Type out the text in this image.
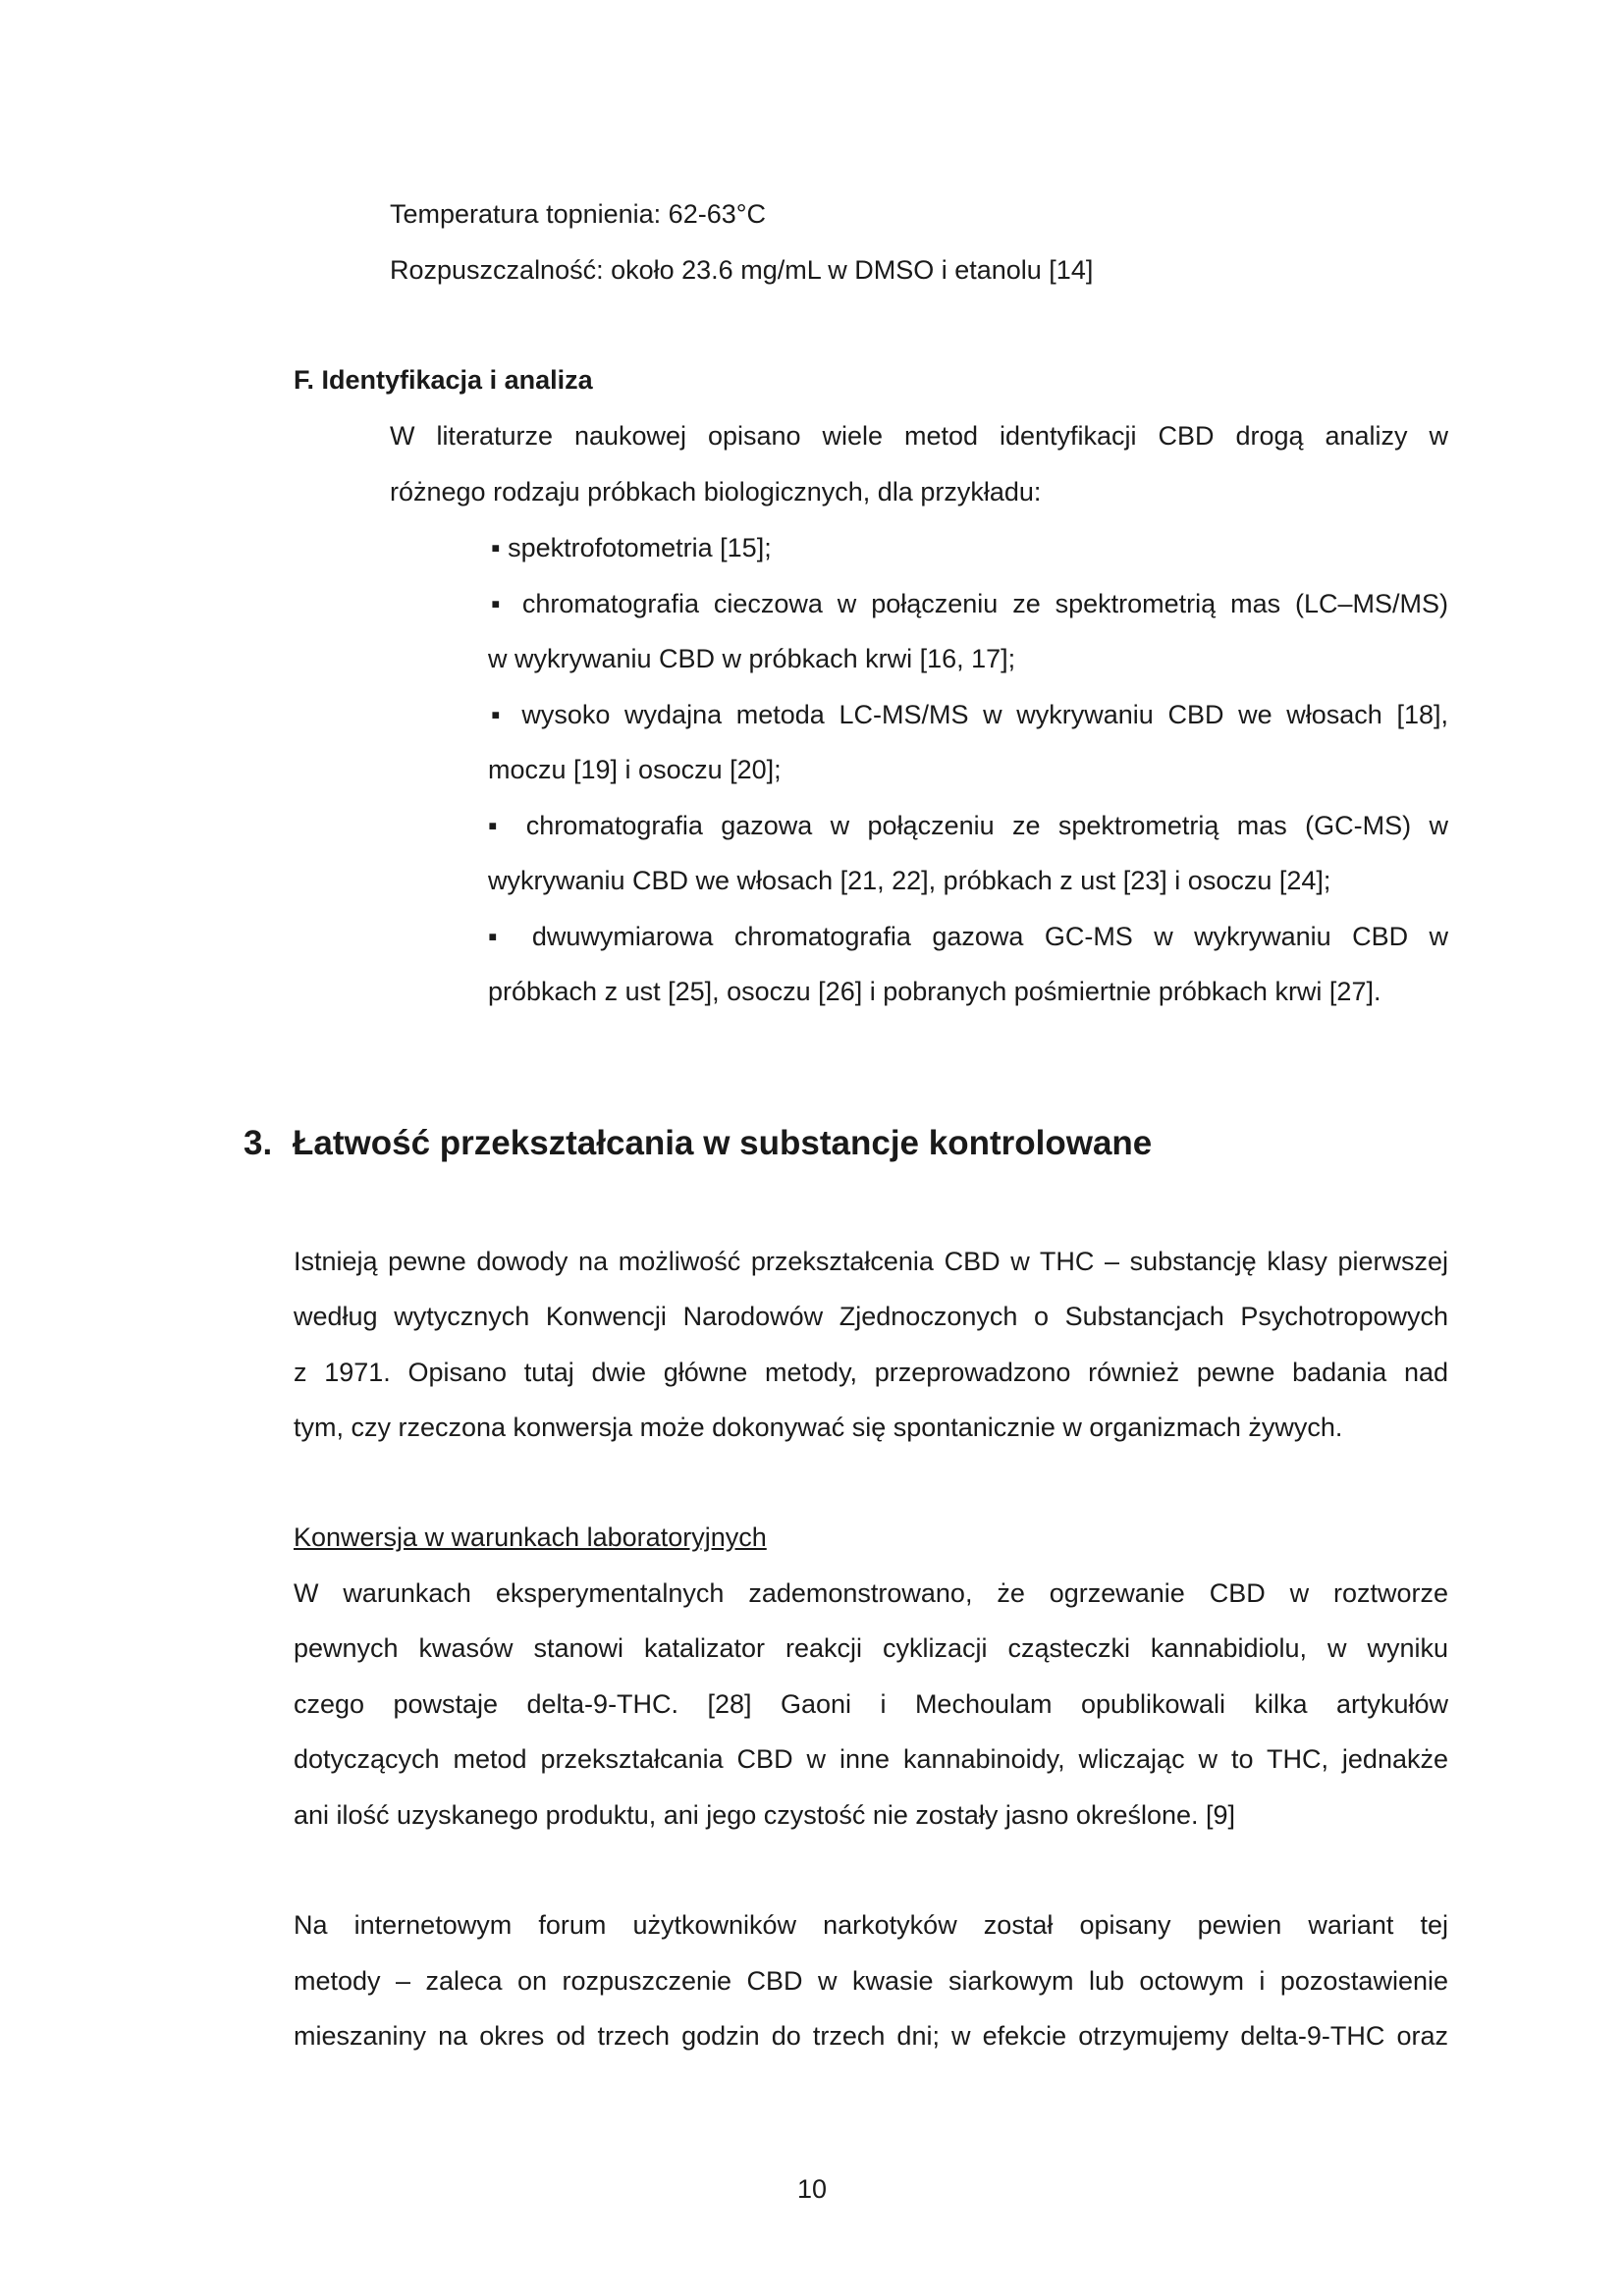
Temperatura topnienia: 62-63°C
Rozpuszczalność: około 23.6 mg/mL w DMSO i etanolu [14]
F. Identyfikacja i analiza
W literaturze naukowej opisano wiele metod identyfikacji CBD drogą analizy w
różnego rodzaju próbkach biologicznych, dla przykładu:
▪ spektrofotometria [15];
▪ chromatografia cieczowa w połączeniu ze spektrometrią mas (LC–MS/MS)
w wykrywaniu CBD w próbkach krwi [16, 17];
▪ wysoko wydajna metoda LC-MS/MS w wykrywaniu CBD we włosach [18],
moczu [19] i osoczu [20];
▪ chromatografia gazowa w połączeniu ze spektrometrią mas (GC-MS) w
wykrywaniu CBD we włosach [21, 22], próbkach z ust [23] i osoczu [24];
▪ dwuwymiarowa chromatografia gazowa GC-MS w wykrywaniu CBD w
próbkach z ust [25], osoczu [26] i pobranych pośmiertnie próbkach krwi [27].
3. Łatwość przekształcania w substancje kontrolowane
Istnieją pewne dowody na możliwość przekształcenia CBD w THC – substancję klasy pierwszej
według wytycznych Konwencji Narodowów Zjednoczonych o Substancjach Psychotropowych
z 1971. Opisano tutaj dwie główne metody, przeprowadzono również pewne badania nad
tym, czy rzeczona konwersja może dokonywać się spontanicznie w organizmach żywych.
Konwersja w warunkach laboratoryjnych
W warunkach eksperymentalnych zademonstrowano, że ogrzewanie CBD w roztworze
pewnych kwasów stanowi katalizator reakcji cyklizacji cząsteczki kannabidiolu, w wyniku
czego powstaje delta-9-THC. [28] Gaoni i Mechoulam opublikowali kilka artykułów
dotyczących metod przekształcania CBD w inne kannabinoidy, wliczając w to THC, jednakże
ani ilość uzyskanego produktu, ani jego czystość nie zostały jasno określone. [9]
Na internetowym forum użytkowników narkotyków został opisany pewien wariant tej
metody – zaleca on rozpuszczenie CBD w kwasie siarkowym lub octowym i pozostawienie
mieszaniny na okres od trzech godzin do trzech dni; w efekcie otrzymujemy delta-9-THC oraz
10
